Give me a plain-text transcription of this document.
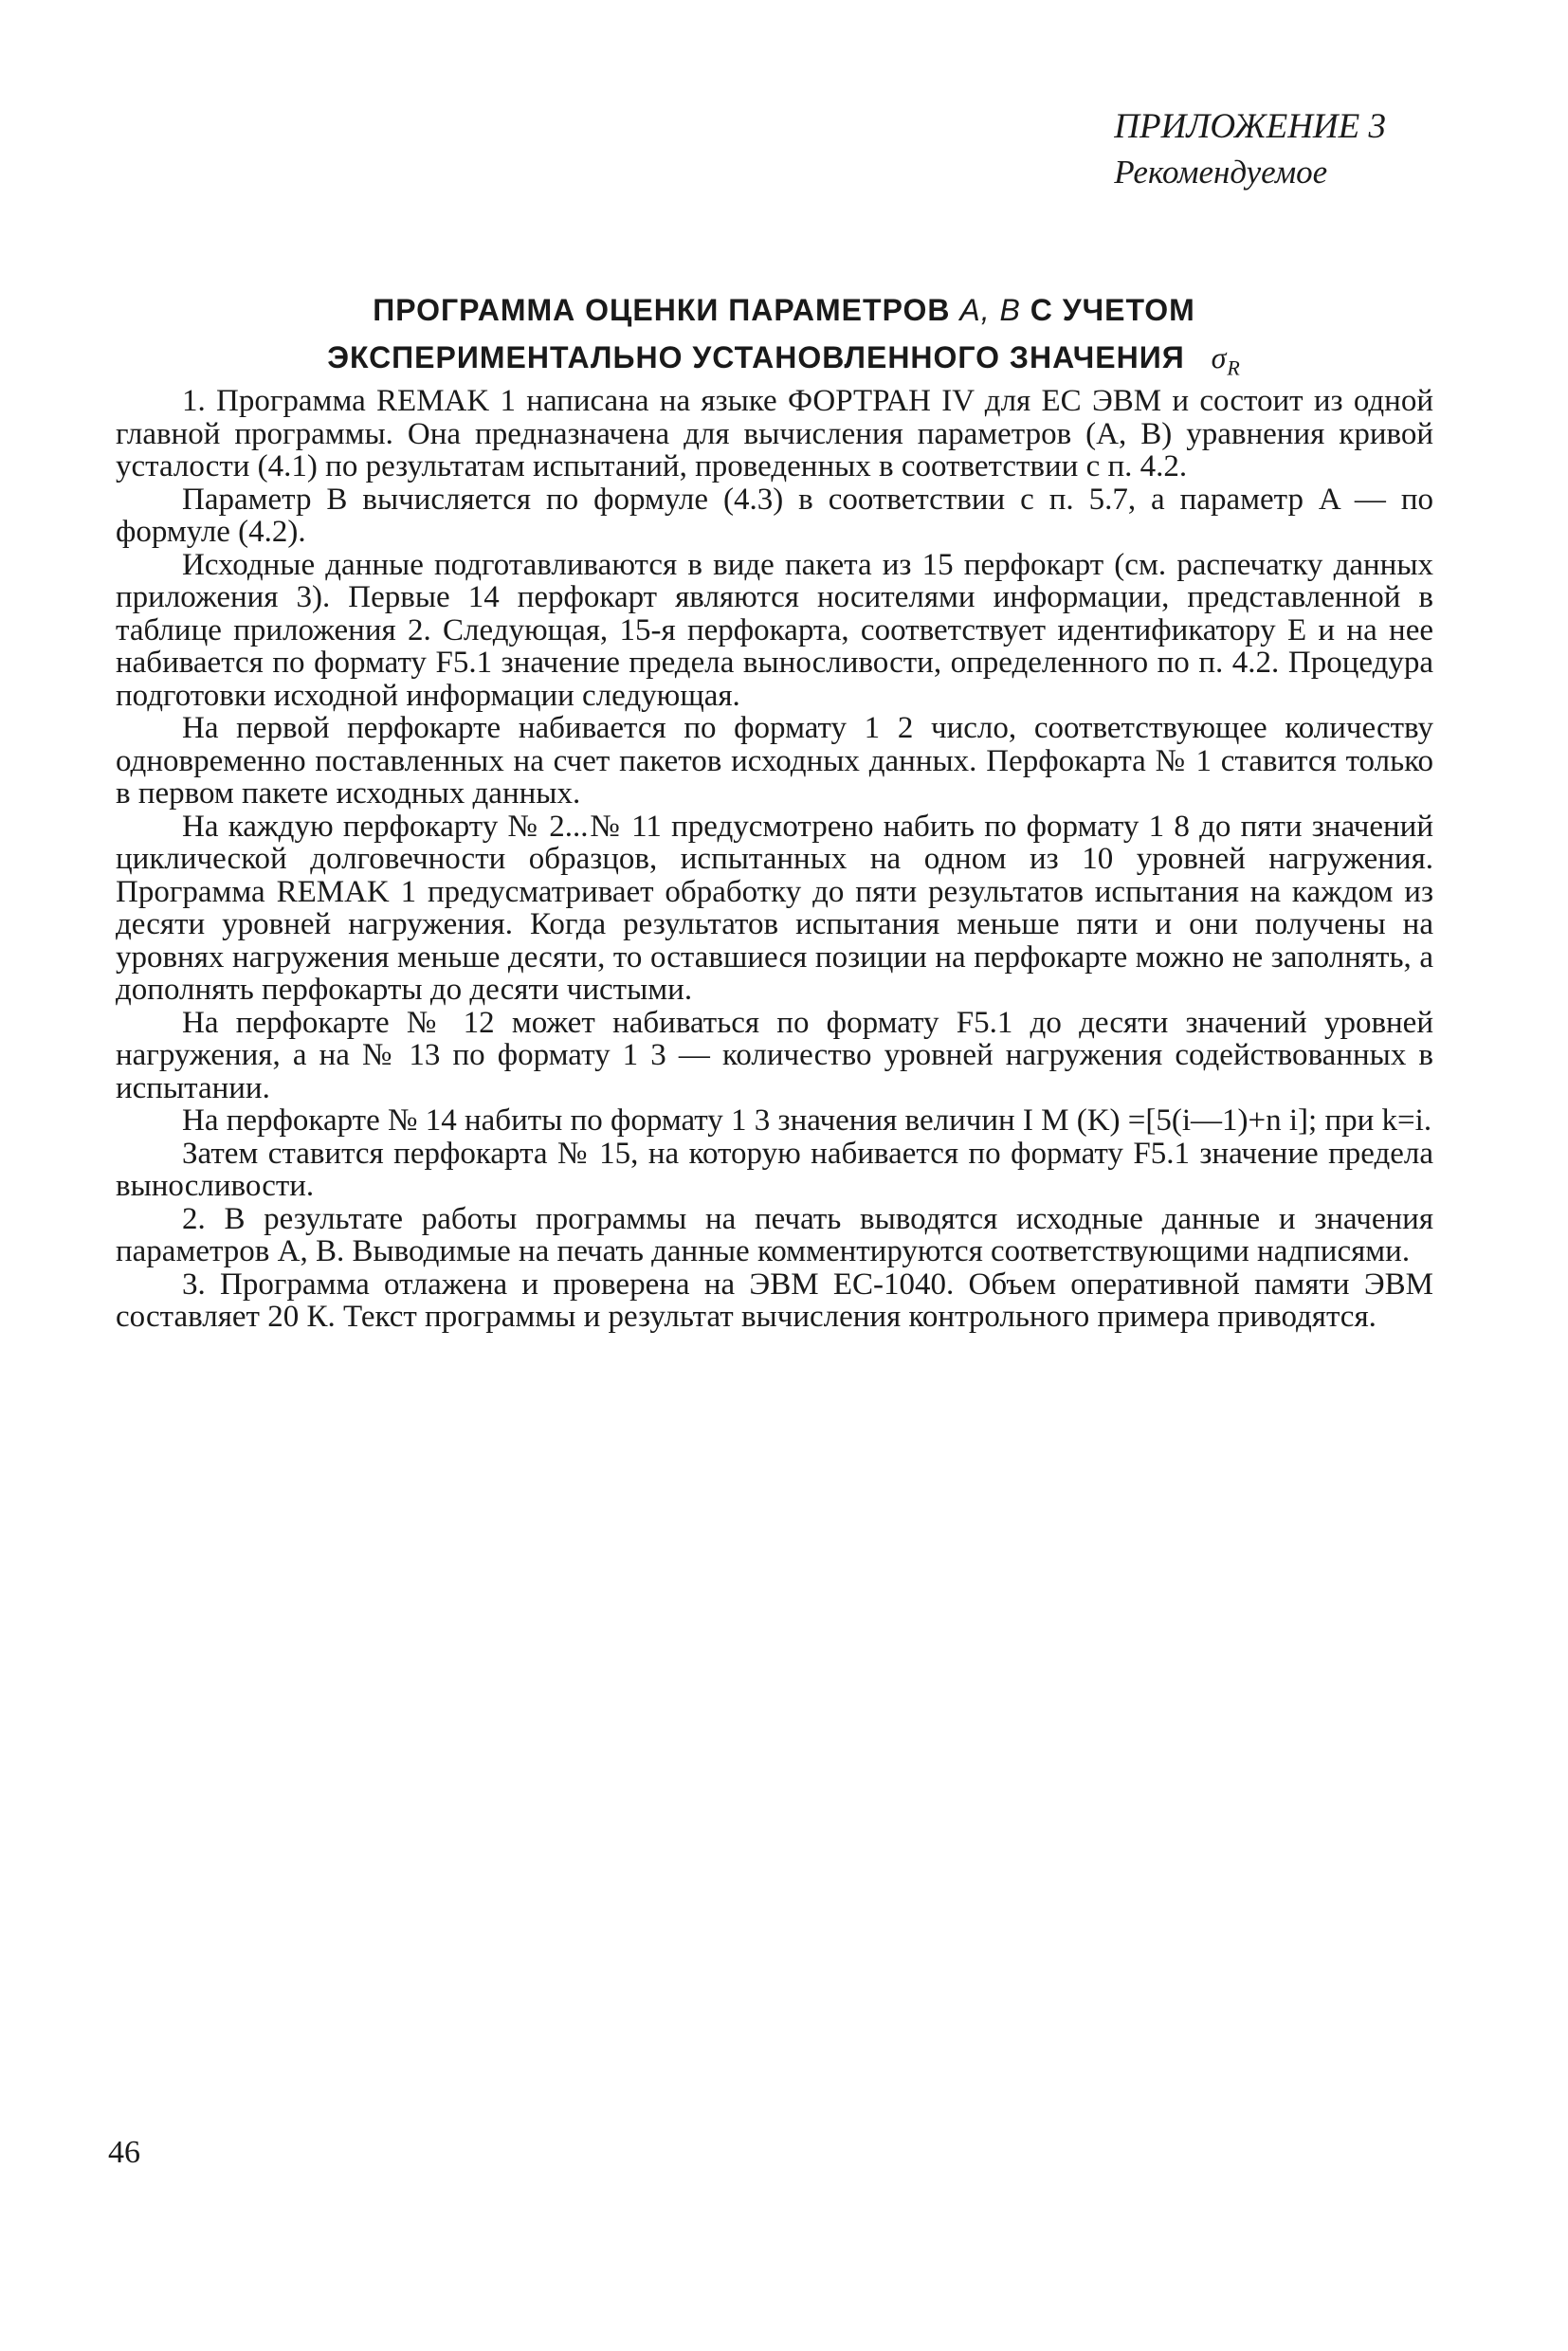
ПРИЛОЖЕНИЕ 3
Рекомендуемое
ПРОГРАММА ОЦЕНКИ ПАРАМЕТРОВ A, B С УЧЕТОМ
ЭКСПЕРИМЕНТАЛЬНО УСТАНОВЛЕННОГО ЗНАЧЕНИЯ $\sigma_R$

1. Программа REMAK 1 написана на языке ФОРТРАН IV для ЕС ЭВМ и состоит из одной главной программы. Она предназначена для вычисления параметров (A, B) уравнения кривой усталости (4.1) по результатам испытаний, проведенных в соответствии с п. 4.2.

Параметр B вычисляется по формуле (4.3) в соответствии с п. 5.7, а параметр A — по формуле (4.2).

Исходные данные подготавливаются в виде пакета из 15 перфокарт (см. распечатку данных приложения 3). Первые 14 перфокарт являются носителями информации, представленной в таблице приложения 2. Следующая, 15-я перфокарта, соответствует идентификатору E и на нее набивается по формату F5.1 значение предела выносливости, определенного по п. 4.2. Процедура подготовки исходной информации следующая.

На первой перфокарте набивается по формату 1 2 число, соответствующее количеству одновременно поставленных на счет пакетов исходных данных. Перфокарта № 1 ставится только в первом пакете исходных данных.

На каждую перфокарту № 2...№ 11 предусмотрено набить по формату 1 8 до пяти значений циклической долговечности образцов, испытанных на одном из 10 уровней нагружения. Программа REMAK 1 предусматривает обработку до пяти результатов испытания на каждом из десяти уровней нагружения. Когда результатов испытания меньше пяти и они получены на уровнях нагружения меньше десяти, то оставшиеся позиции на перфокарте можно не заполнять, а дополнять перфокарты до десяти чистыми.

На перфокарте № 12 может набиваться по формату F5.1 до десяти значений уровней нагружения, а на № 13 по формату 1 3 — количество уровней нагружения содействованных в испытании.

На перфокарте № 14 набиты по формату 1 3 значения величин I M (K) =[5(i—1)+n i]; при k=i.

Затем ставится перфокарта № 15, на которую набивается по формату F5.1 значение предела выносливости.

2. В результате работы программы на печать выводятся исходные данные и значения параметров A, B. Выводимые на печать данные комментируются соответствующими надписями.

3. Программа отлажена и проверена на ЭВМ ЕС-1040. Объем оперативной памяти ЭВМ составляет 20 К. Текст программы и результат вычисления контрольного примера приводятся.

46
